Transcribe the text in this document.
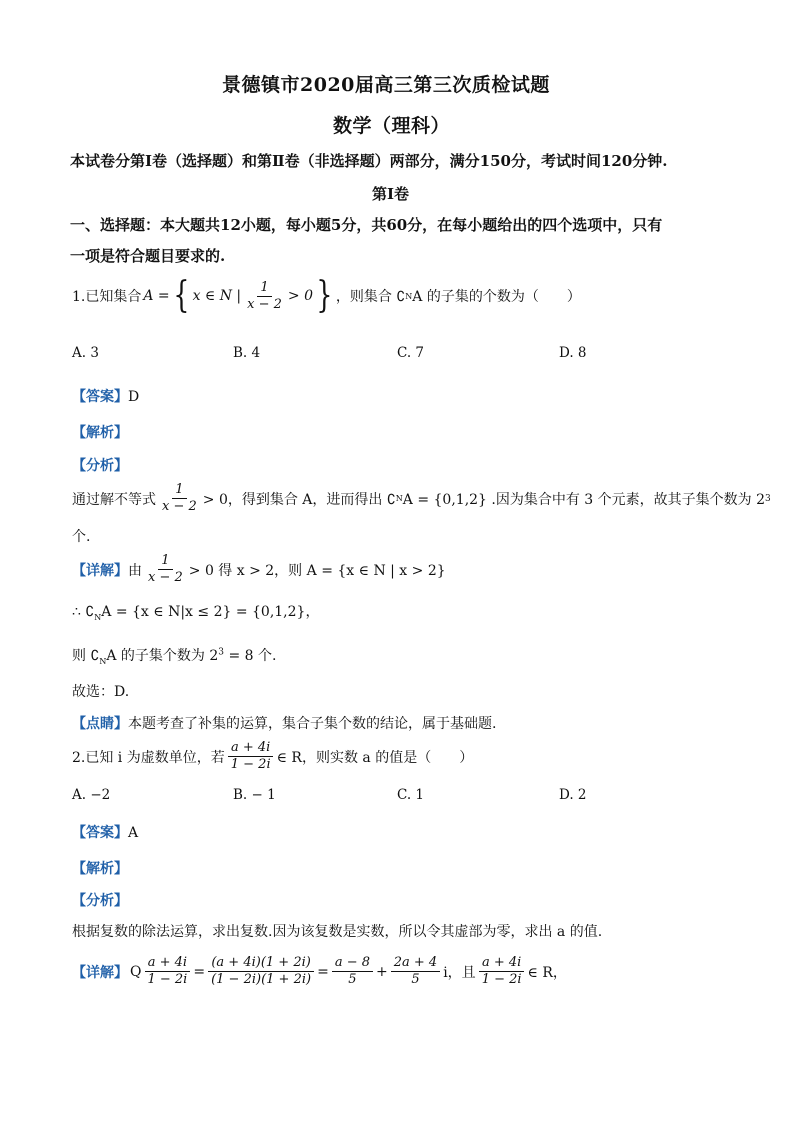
景德镇市2020届高三第三次质检试题
数学（理科）
本试卷分第Ⅰ卷（选择题）和第Ⅱ卷（非选择题）两部分，满分150分，考试时间120分钟.
第Ⅰ卷
一、选择题：本大题共12小题，每小题5分，共60分，在每小题给出的四个选项中，只有
一项是符合题目要求的.
1.已知集合 A = { x ∈ N | $\frac{1}{x - 2} > 0$ } ，则集合 ∁ N A 的子集的个数为（　　）
A. 3	B. 4	C. 7	D. 8
【答案】D
【解析】
【分析】
通过解不等式 $\frac{1}{x - 2} > 0$，得到集合 A，进而得出 ∁ N A = {0,1,2} .因为集合中有 3 个元素，故其子集个数为 2 3
个.
【详解】 由 $\frac{1}{x - 2} > 0$ 得 x > 2，则 A = {x ∈ N | x > 2}
∴ $∁_NA = \{x$ ∈ N|x ≤ 2} = {0,1,2}，
则 $∁_NA$ 的子集个数为 $2^3 = 8$ 个.
故选：D.
【点睛】本题考查了补集的运算，集合子集个数的结论，属于基础题.
2.已知 i 为虚数单位，若 $\frac{a + 4i}{1 - 2i}$ ∈ R，则实数 a 的值是（　　）
A. −2	B. − 1	C. 1	D. 2
【答案】A
【解析】
【分析】
根据复数的除法运算，求出复数.因为该复数是实数，所以令其虚部为零，求出 a 的值.
【详解】 Q $\frac{a + 4i}{1 - 2i} = \frac{(a + 4i)(1 + 2i)}{(1 - 2i)(1 + 2i)} = \frac{a - 8}{5} + \frac{2a + 4}{5}$ i，且 $\frac{a + 4i}{1 - 2i}$ ∈ R，
